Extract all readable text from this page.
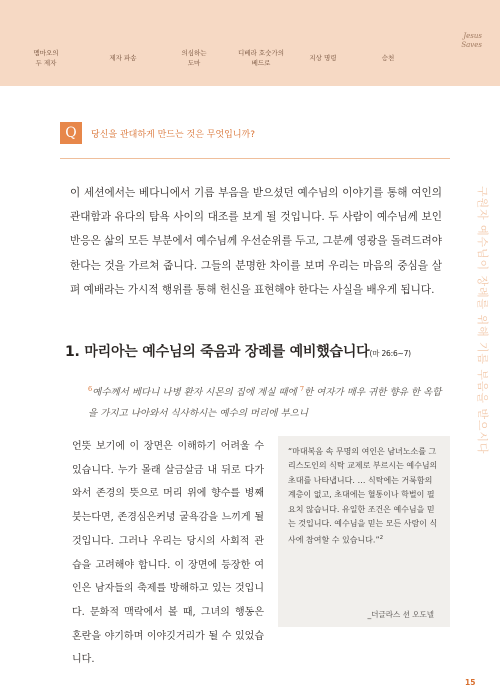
멤마오의
두 제자
제자 파송
의심하는
도마
디베라 호숫가의
베드로
지상 명령	승천
Jesus
Saves
Q	당신을 관대하게 만드는 것은 무엇입니까?

이 세션에서는 베다니에서 기름 부음을 받으셨던 예수님의 이야기를 통해 여인의 관대함과 유다의 탐욕 사이의 대조를 보게 될 것입니다. 두 사람이 예수님께 보인 반응은 삶의 모든 부분에서 예수님께 우선순위를 두고, 그분께 영광을 돌려드려야 한다는 것을 가르쳐 줍니다. 그들의 분명한 차이를 보며 우리는 마음의 중심을 살펴 예배라는 가시적 행위를 통해 헌신을 표현해야 한다는 사실을 배우게 됩니다.

1. 마리아는 예수님의 죽음과 장례를 예비했습니다(마 26:6~7)

$^6$예수께서 베다니 나병 환자 시몬의 집에 계실 때에 $^7$한 여자가 매우 귀한 향유 한 옥합을 가지고 나아와서 식사하시는 예수의 머리에 부으니

언뜻 보기에 이 장면은 이해하기 어려울 수 있습니다. 누가 몰래 살금살금 내 뒤로 다가와서 존경의 뜻으로 머리 위에 향수를 병째 붓는다면, 존경심은커녕 굴욕감을 느끼게 될 것입니다. 그러나 우리는 당시의 사회적 관습을 고려해야 합니다. 이 장면에 등장한 여인은 남자들의 축제를 방해하고 있는 것입니다. 문화적 맥락에서 볼 때, 그녀의 행동은 혼란을 야기하며 이야깃거리가 될 수 있었습니다.

“마대복음 속 무명의 여인은 남녀노소를 그리스도인의 식탁 교제로 부르시는 예수님의 초대를 나타냅니다. … 식탁에는 거룩함의 계층이 없고, 초대에는 혈통이나 학벌이 필요치 않습니다. 유일한 조건은 예수님을 믿는 것입니다. 예수님을 믿는 모든 사람이 식사에 참여할 수 있습니다.”$^2$

_더글라스 션 오도넬
구원자 예수님이 장례를 위해 기름 부음을 받으시다
15
